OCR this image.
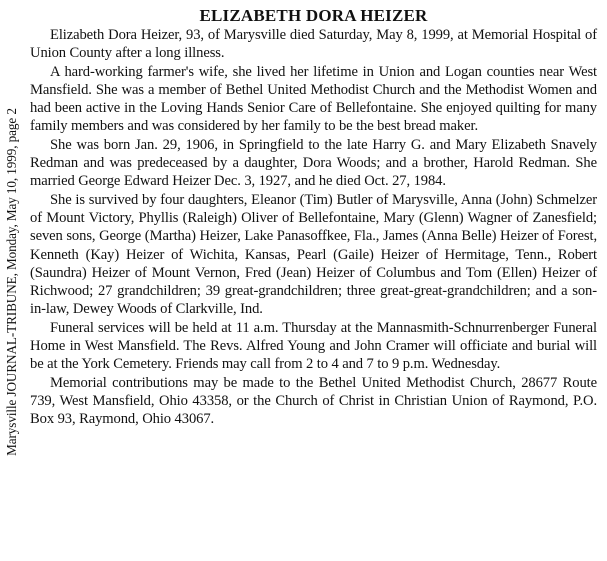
Marysville JOURNAL-TRIBUNE, Monday, May 10, 1999, page 2
ELIZABETH DORA HEIZER

Elizabeth Dora Heizer, 93, of Marysville died Saturday, May 8, 1999, at Memorial Hospital of Union County after a long illness.

A hard-working farmer's wife, she lived her lifetime in Union and Logan counties near West Mansfield. She was a member of Bethel United Methodist Church and the Methodist Women and had been active in the Loving Hands Senior Care of Bellefontaine. She enjoyed quilting for many family members and was considered by her family to be the best bread maker.

She was born Jan. 29, 1906, in Springfield to the late Harry G. and Mary Elizabeth Snavely Redman and was predeceased by a daughter, Dora Woods; and a brother, Harold Redman. She married George Edward Heizer Dec. 3, 1927, and he died Oct. 27, 1984.

She is survived by four daughters, Eleanor (Tim) Butler of Marysville, Anna (John) Schmelzer of Mount Victory, Phyllis (Raleigh) Oliver of Bellefontaine, Mary (Glenn) Wagner of Zanesfield; seven sons, George (Martha) Heizer, Lake Panasoffkee, Fla., James (Anna Belle) Heizer of Forest, Kenneth (Kay) Heizer of Wichita, Kansas, Pearl (Gaile) Heizer of Hermitage, Tenn., Robert (Saundra) Heizer of Mount Vernon, Fred (Jean) Heizer of Columbus and Tom (Ellen) Heizer of Richwood; 27 grandchildren; 39 great-grandchildren; three great-great-grandchildren; and a son-in-law, Dewey Woods of Clarkville, Ind.

Funeral services will be held at 11 a.m. Thursday at the Mannasmith-Schnurrenberger Funeral Home in West Mansfield. The Revs. Alfred Young and John Cramer will officiate and burial will be at the York Cemetery. Friends may call from 2 to 4 and 7 to 9 p.m. Wednesday.

Memorial contributions may be made to the Bethel United Methodist Church, 28677 Route 739, West Mansfield, Ohio 43358, or the Church of Christ in Christian Union of Raymond, P.O. Box 93, Raymond, Ohio 43067.
